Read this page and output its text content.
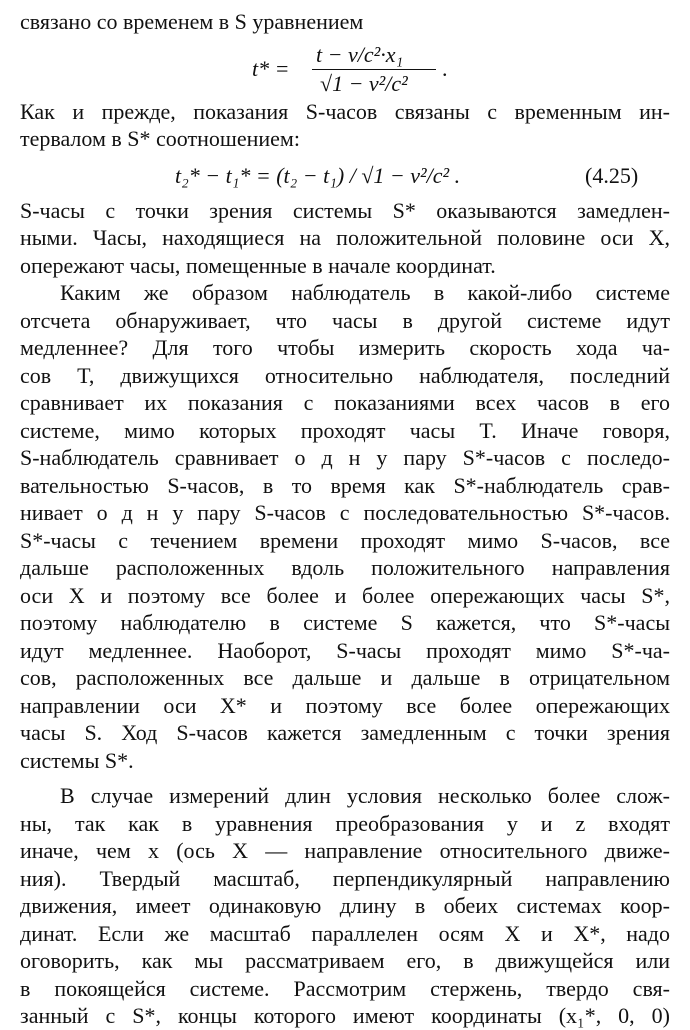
связано со временем в S уравнением
t* =
t − v/c²·x₁
√1 − v²/c²
.
Как и прежде, показания S-часов связаны с временным ин-
тервалом в S* соотношением:
t₂* − t₁* = (t₂ − t₁) / √1 − v²/c² .	(4.25)
S-часы с точки зрения системы S* оказываются замедлен-
ными. Часы, находящиеся на положительной половине оси X,
опережают часы, помещенные в начале координат.
Каким же образом наблюдатель в какой-либо системе
отсчета обнаруживает, что часы в другой системе идут
медленнее? Для того чтобы измерить скорость хода ча-
сов T, движущихся относительно наблюдателя, последний
сравнивает их показания с показаниями всех часов в его
системе, мимо которых проходят часы T. Иначе говоря,
S-наблюдатель сравнивает о д н у пару S*-часов с последо-
вательностью S-часов, в то время как S*-наблюдатель срав-
нивает о д н у пару S-часов с последовательностью S*-часов.
S*-часы с течением времени проходят мимо S-часов, все
дальше расположенных вдоль положительного направления
оси X и поэтому все более и более опережающих часы S*,
поэтому наблюдателю в системе S кажется, что S*-часы
идут медленнее. Наоборот, S-часы проходят мимо S*-ча-
сов, расположенных все дальше и дальше в отрицательном
направлении оси X* и поэтому все более опережающих
часы S. Ход S-часов кажется замедленным с точки зрения
системы S*.
В случае измерений длин условия несколько более слож-
ны, так как в уравнения преобразования y и z входят
иначе, чем x (ось X — направление относительного движе-
ния). Твердый масштаб, перпендикулярный направлению
движения, имеет одинаковую длину в обеих системах коор-
динат. Если же масштаб параллелен осям X и X*, надо
оговорить, как мы рассматриваем его, в движущейся или
в покоящейся системе. Рассмотрим стержень, твердо свя-
занный с S*, концы которого имеют координаты (x₁*, 0, 0)
